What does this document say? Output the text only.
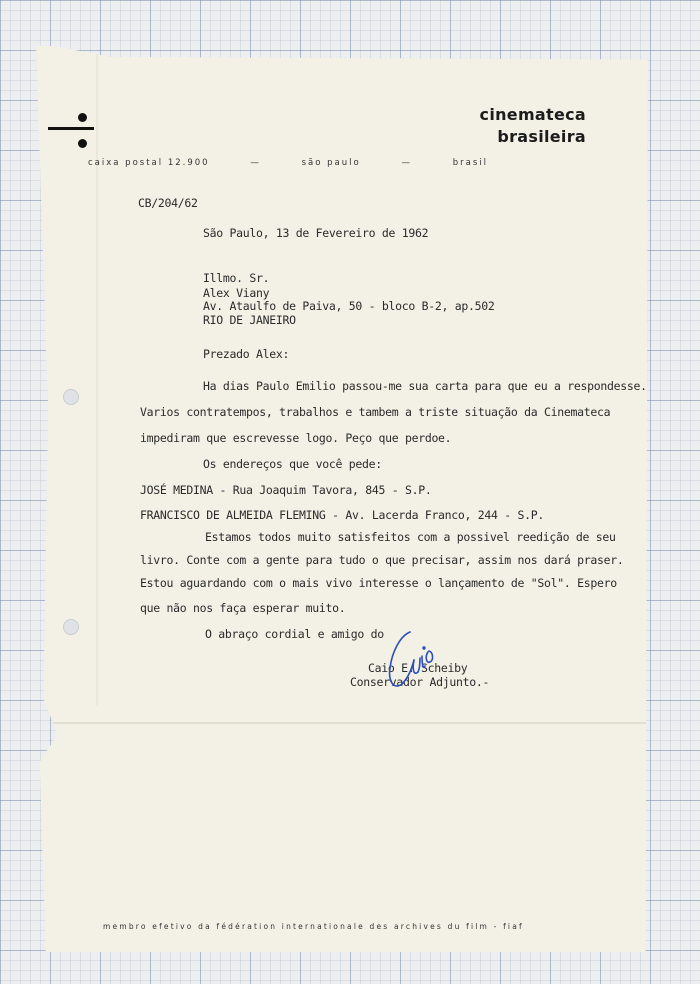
cinemateca
brasileira
caixa postal 12.900	—	são paulo	—	brasil
CB/204/62
São Paulo, 13 de Fevereiro de 1962
Illmo. Sr.
Alex Viany
Av. Ataulfo de Paiva, 50 - bloco B-2, ap.502
RIO DE JANEIRO
Prezado Alex:
Ha dias Paulo Emilio passou-me sua carta para que eu a respondesse.
Varios contratempos, trabalhos e tambem a triste situação da Cinemateca
impediram que escrevesse logo. Peço que perdoe.
Os endereços que você pede:
JOSÉ MEDINA - Rua Joaquim Tavora, 845 - S.P.
FRANCISCO DE ALMEIDA FLEMING - Av. Lacerda Franco, 244 - S.P.
Estamos todos muito satisfeitos com a possivel reedição de seu
livro. Conte com a gente para tudo o que precisar, assim nos dará praser.
Estou aguardando com o mais vivo interesse o lançamento de "Sol". Espero
que não nos faça esperar muito.
O abraço cordial e amigo do
Caio E. Scheiby
Conservador Adjunto.-
membro efetivo da fédération internationale des archives du film - fiaf
